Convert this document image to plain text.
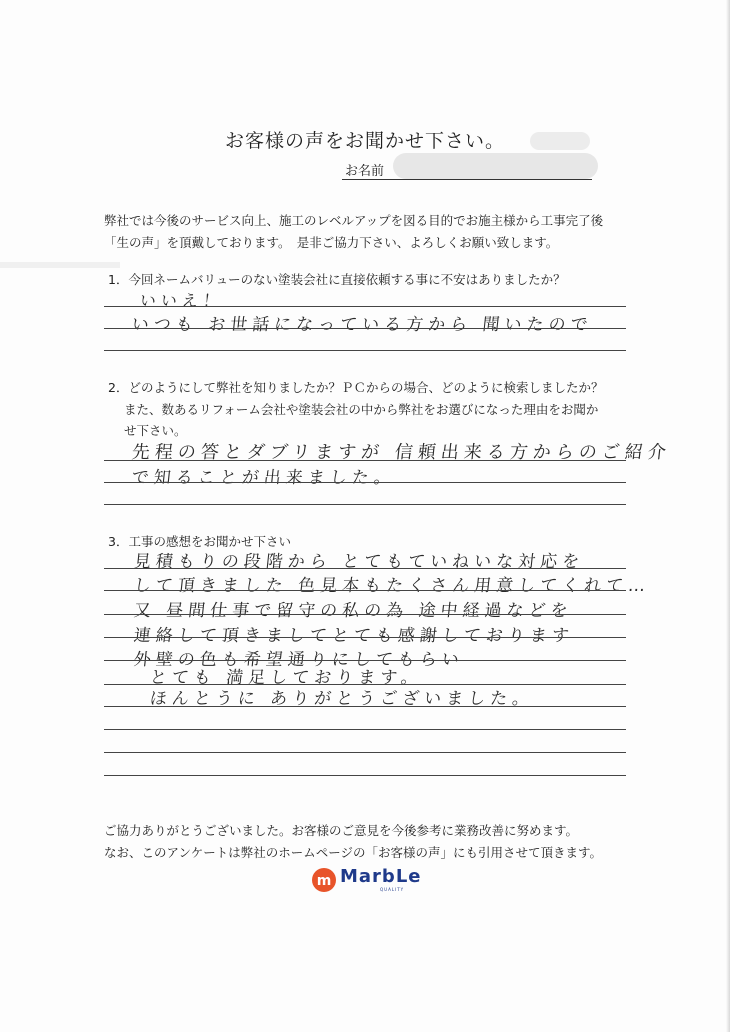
お客様の声をお聞かせ下さい。
お名前
弊社では今後のサービス向上、施工のレベルアップを図る目的でお施主様から工事完了後
「生の声」を頂戴しております。　是非ご協力下さい、よろしくお願い致します。
1．今回ネームバリューのない塗装会社に直接依頼する事に不安はありましたか？
いいえ！
いつも お世話になっている方から 聞いたので
2．どのようにして弊社を知りましたか？ＰＣからの場合、どのように検索しましたか？
また、数あるリフォーム会社や塗装会社の中から弊社をお選びになった理由をお聞か
せ下さい。
先程の答とダブリますが 信頼出来る方からのご紹介
で知ることが出来ました。
3．工事の感想をお聞かせ下さい
見積もりの段階から とてもていねいな対応を
して頂きました 色見本もたくさん用意してくれて…
又 昼間仕事で留守の私の為 途中経過などを
連絡して頂きましてとても感謝しております
外壁の色も希望通りにしてもらい
とても 満足しております。
ほんとうに ありがとうございました。
ご協力ありがとうございました。お客様のご意見を今後参考に業務改善に努めます。
なお、このアンケートは弊社のホームページの「お客様の声」にも引用させて頂きます。
m MarbLe
QUALITY
